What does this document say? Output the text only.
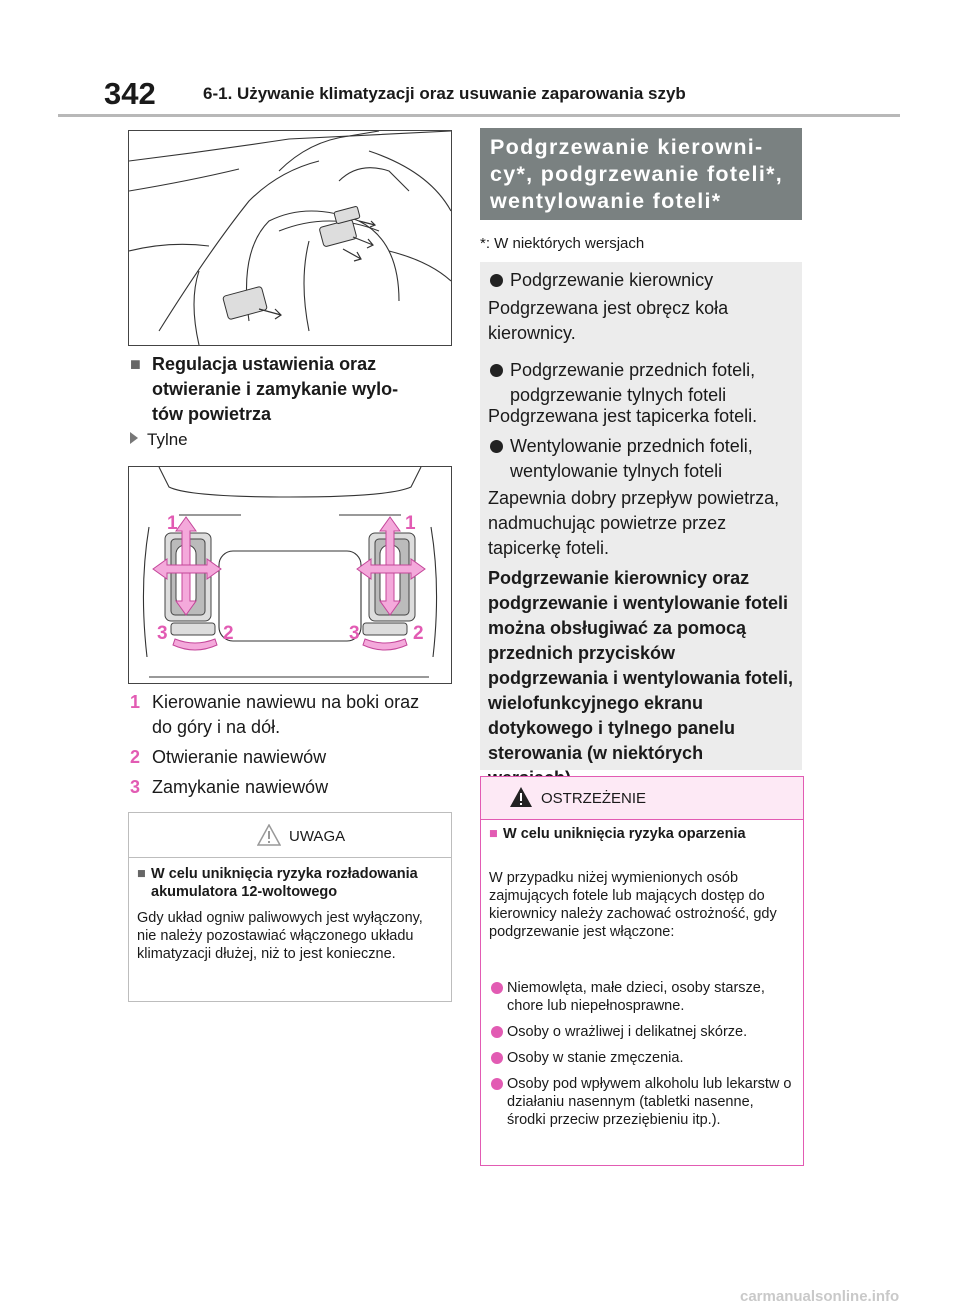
342	6-1. Używanie klimatyzacji oraz usuwanie zaparowania szyb
■ Regulacja ustawienia oraz
otwieranie i zamykanie wylo-
tów powietrza
Tylne
1	1
3	2	3	2
1 Kierowanie nawiewu na boki oraz do góry i na dół.
2 Otwieranie nawiewów
3 Zamykanie nawiewów
UWAGA
■ W celu uniknięcia ryzyka rozładowania akumulatora 12-woltowego
Gdy układ ogniw paliwowych jest wyłączony, nie należy pozostawiać włączonego układu klimatyzacji dłużej, niż to jest konieczne.
Podgrzewanie kierowni-
cy*, podgrzewanie foteli*,
wentylowanie foteli*
*: W niektórych wersjach
Podgrzewanie kierownicy
Podgrzewana jest obręcz koła kierownicy.
Podgrzewanie przednich foteli, podgrzewanie tylnych foteli
Podgrzewana jest tapicerka foteli.
Wentylowanie przednich foteli, wentylowanie tylnych foteli
Zapewnia dobry przepływ powietrza, nadmuchując powietrze przez tapicerkę foteli.
Podgrzewanie kierownicy oraz podgrzewanie i wentylowanie foteli można obsługiwać za pomocą przednich przycisków podgrzewania i wentylowania foteli, wielofunkcyjnego ekranu dotykowego i tylnego panelu sterowania (w niektórych
OSTRZEŻENIE
■ W celu uniknięcia ryzyka oparzenia
W przypadku niżej wymienionych osób zajmujących fotele lub mających dostęp do kierownicy należy zachować ostrożność, gdy podgrzewanie jest włączone:
Niemowlęta, małe dzieci, osoby starsze, chore lub niepełnosprawne.
Osoby o wrażliwej i delikatnej skórze.
Osoby w stanie zmęczenia.
Osoby pod wpływem alkoholu lub lekarstw o działaniu nasennym (tabletki nasenne, środki przeciw przeziębieniu itp.).
carmanualsonline.info
